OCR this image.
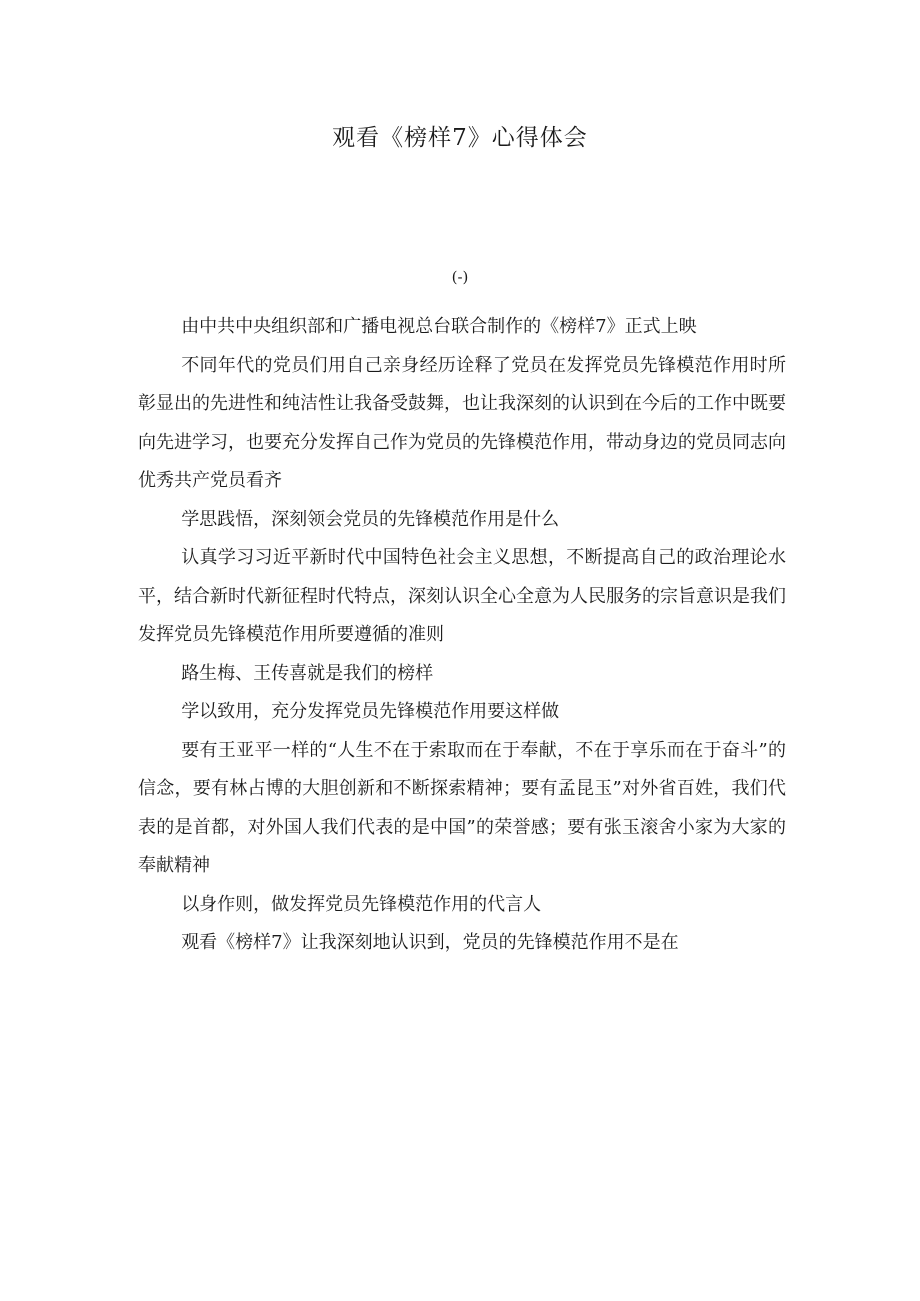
观看《榜样7》心得体会
(-)

由中共中央组织部和广播电视总台联合制作的《榜样7》正式上映

不同年代的党员们用自己亲身经历诠释了党员在发挥党员先锋模范作用时所彰显出的先进性和纯洁性让我备受鼓舞，也让我深刻的认识到在今后的工作中既要向先进学习，也要充分发挥自己作为党员的先锋模范作用，带动身边的党员同志向优秀共产党员看齐

学思践悟，深刻领会党员的先锋模范作用是什么

认真学习习近平新时代中国特色社会主义思想，不断提高自己的政治理论水平，结合新时代新征程时代特点，深刻认识全心全意为人民服务的宗旨意识是我们发挥党员先锋模范作用所要遵循的准则

路生梅、王传喜就是我们的榜样

学以致用，充分发挥党员先锋模范作用要这样做

要有王亚平一样的“人生不在于索取而在于奉献，不在于享乐而在于奋斗”的信念，要有林占博的大胆创新和不断探索精神；要有孟昆玉”对外省百姓，我们代表的是首都，对外国人我们代表的是中国”的荣誉感；要有张玉滚舍小家为大家的奉献精神

以身作则，做发挥党员先锋模范作用的代言人

观看《榜样7》让我深刻地认识到，党员的先锋模范作用不是在
